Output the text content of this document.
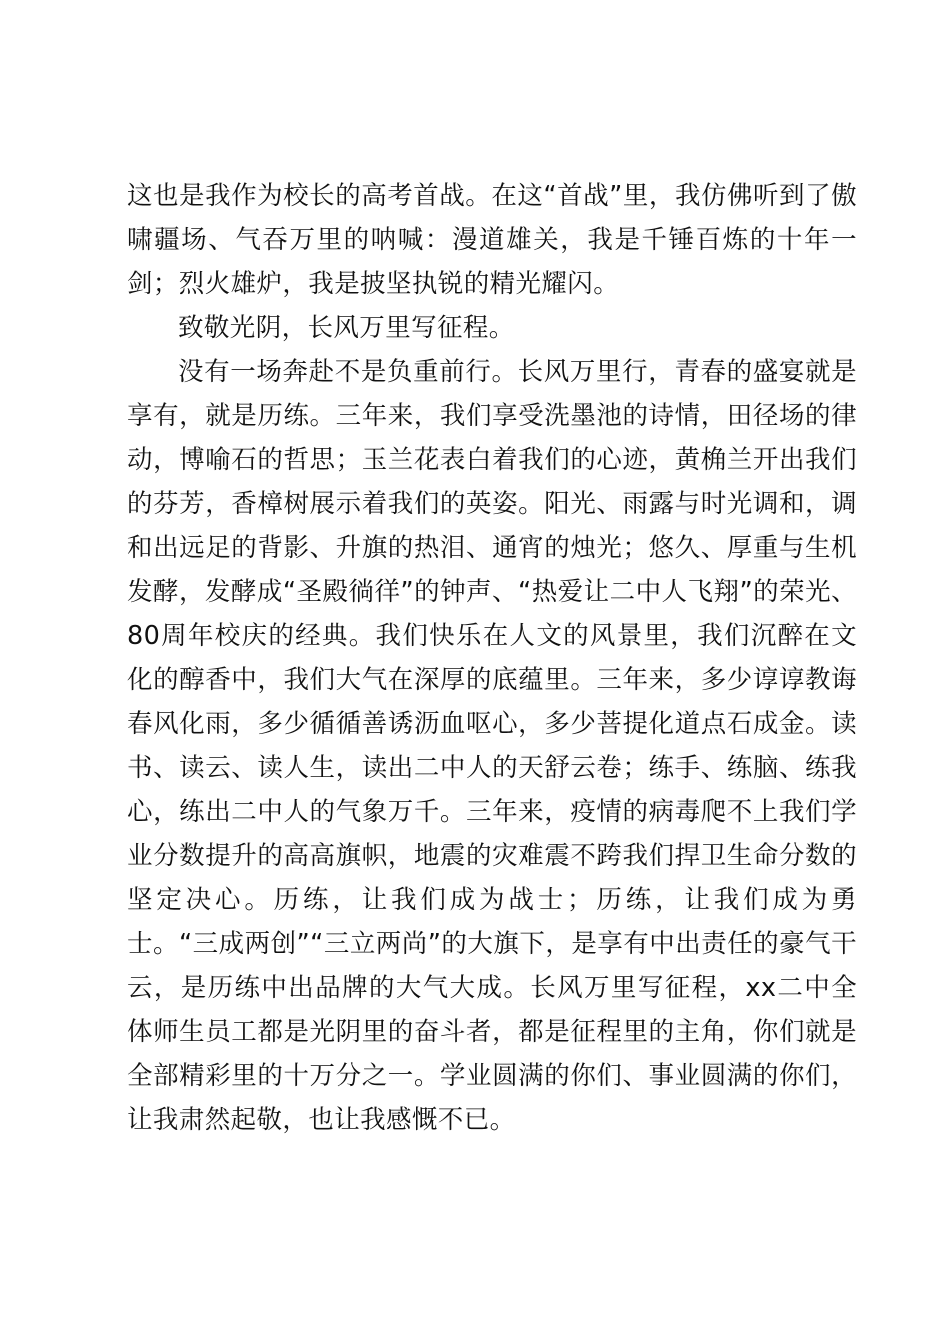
这也是我作为校长的高考首战。在这“首战”里，我仿佛听到了傲啸疆场、气吞万里的呐喊：漫道雄关，我是千锤百炼的十年一剑；烈火雄炉，我是披坚执锐的精光耀闪。

致敬光阴，长风万里写征程。

没有一场奔赴不是负重前行。长风万里行，青春的盛宴就是享有，就是历练。三年来，我们享受洗墨池的诗情，田径场的律动，博喻石的哲思；玉兰花表白着我们的心迹，黄桷兰开出我们的芬芳，香樟树展示着我们的英姿。阳光、雨露与时光调和，调和出远足的背影、升旗的热泪、通宵的烛光；悠久、厚重与生机发酵，发酵成“圣殿徜徉”的钟声、“热爱让二中人飞翔”的荣光、80周年校庆的经典。我们快乐在人文的风景里，我们沉醉在文化的醇香中，我们大气在深厚的底蕴里。三年来，多少谆谆教诲春风化雨，多少循循善诱沥血呕心，多少菩提化道点石成金。读书、读云、读人生，读出二中人的天舒云卷；练手、练脑、练我心，练出二中人的气象万千。三年来，疫情的病毒爬不上我们学业分数提升的高高旗帜，地震的灾难震不跨我们捍卫生命分数的坚定决心。历练，让我们成为战士；历练，让我们成为勇士。“三成两创”“三立两尚”的大旗下，是享有中出责任的豪气干云，是历练中出品牌的大气大成。长风万里写征程，xx二中全体师生员工都是光阴里的奋斗者，都是征程里的主角，你们就是全部精彩里的十万分之一。学业圆满的你们、事业圆满的你们，让我肃然起敬，也让我感慨不已。
